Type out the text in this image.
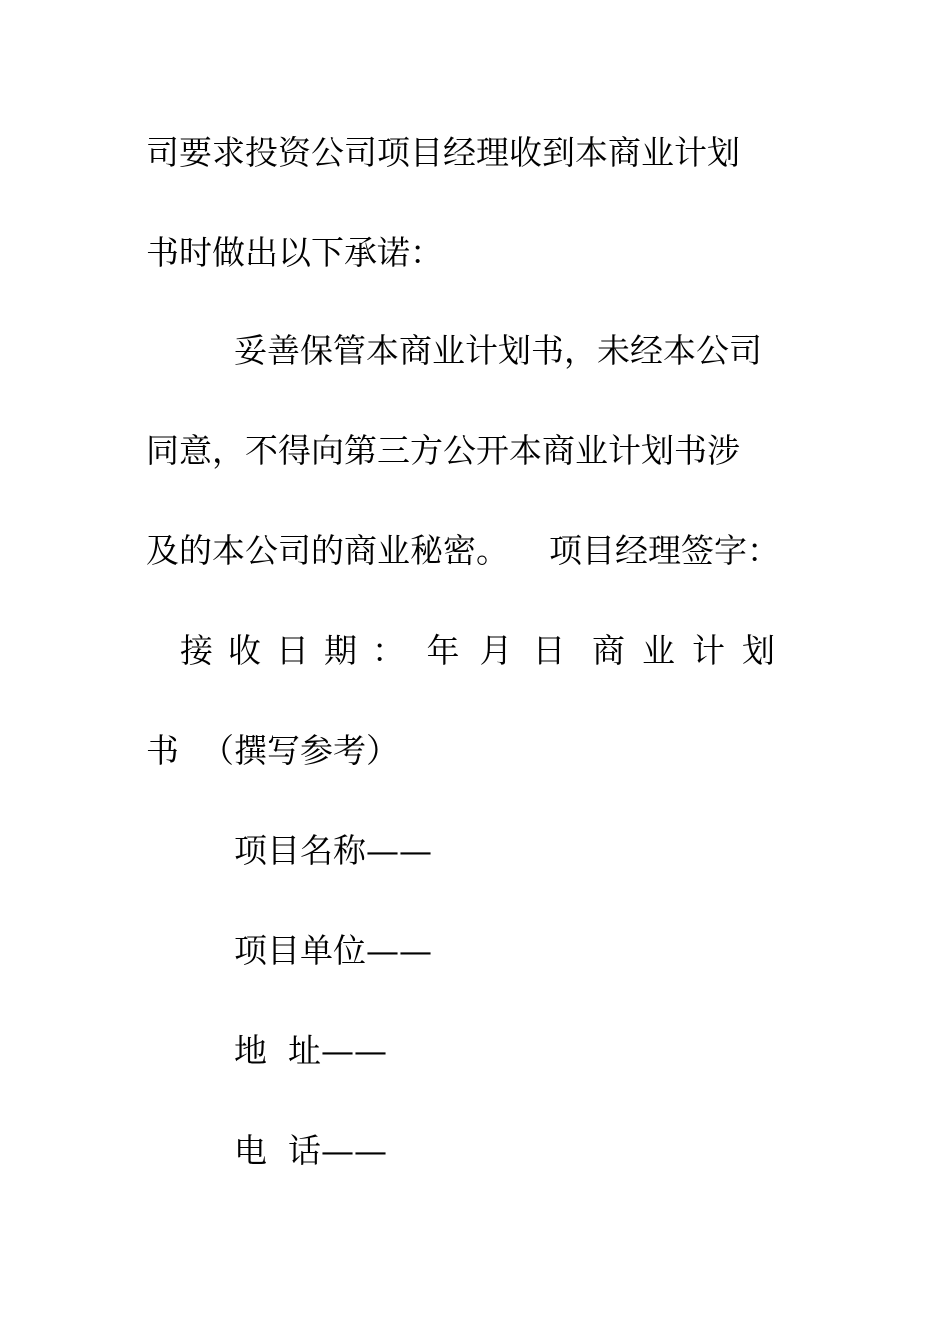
司要求投资公司项目经理收到本商业计划
书时做出以下承诺：
妥善保管本商业计划书，未经本公司
同意，不得向第三方公开本商业计划书涉
及的本公司的商业秘密。 项目经理签字：
接收日期： 年月日 商业计划
书 （撰写参考）
项目名称——
项目单位——
地  址——
电  话——
